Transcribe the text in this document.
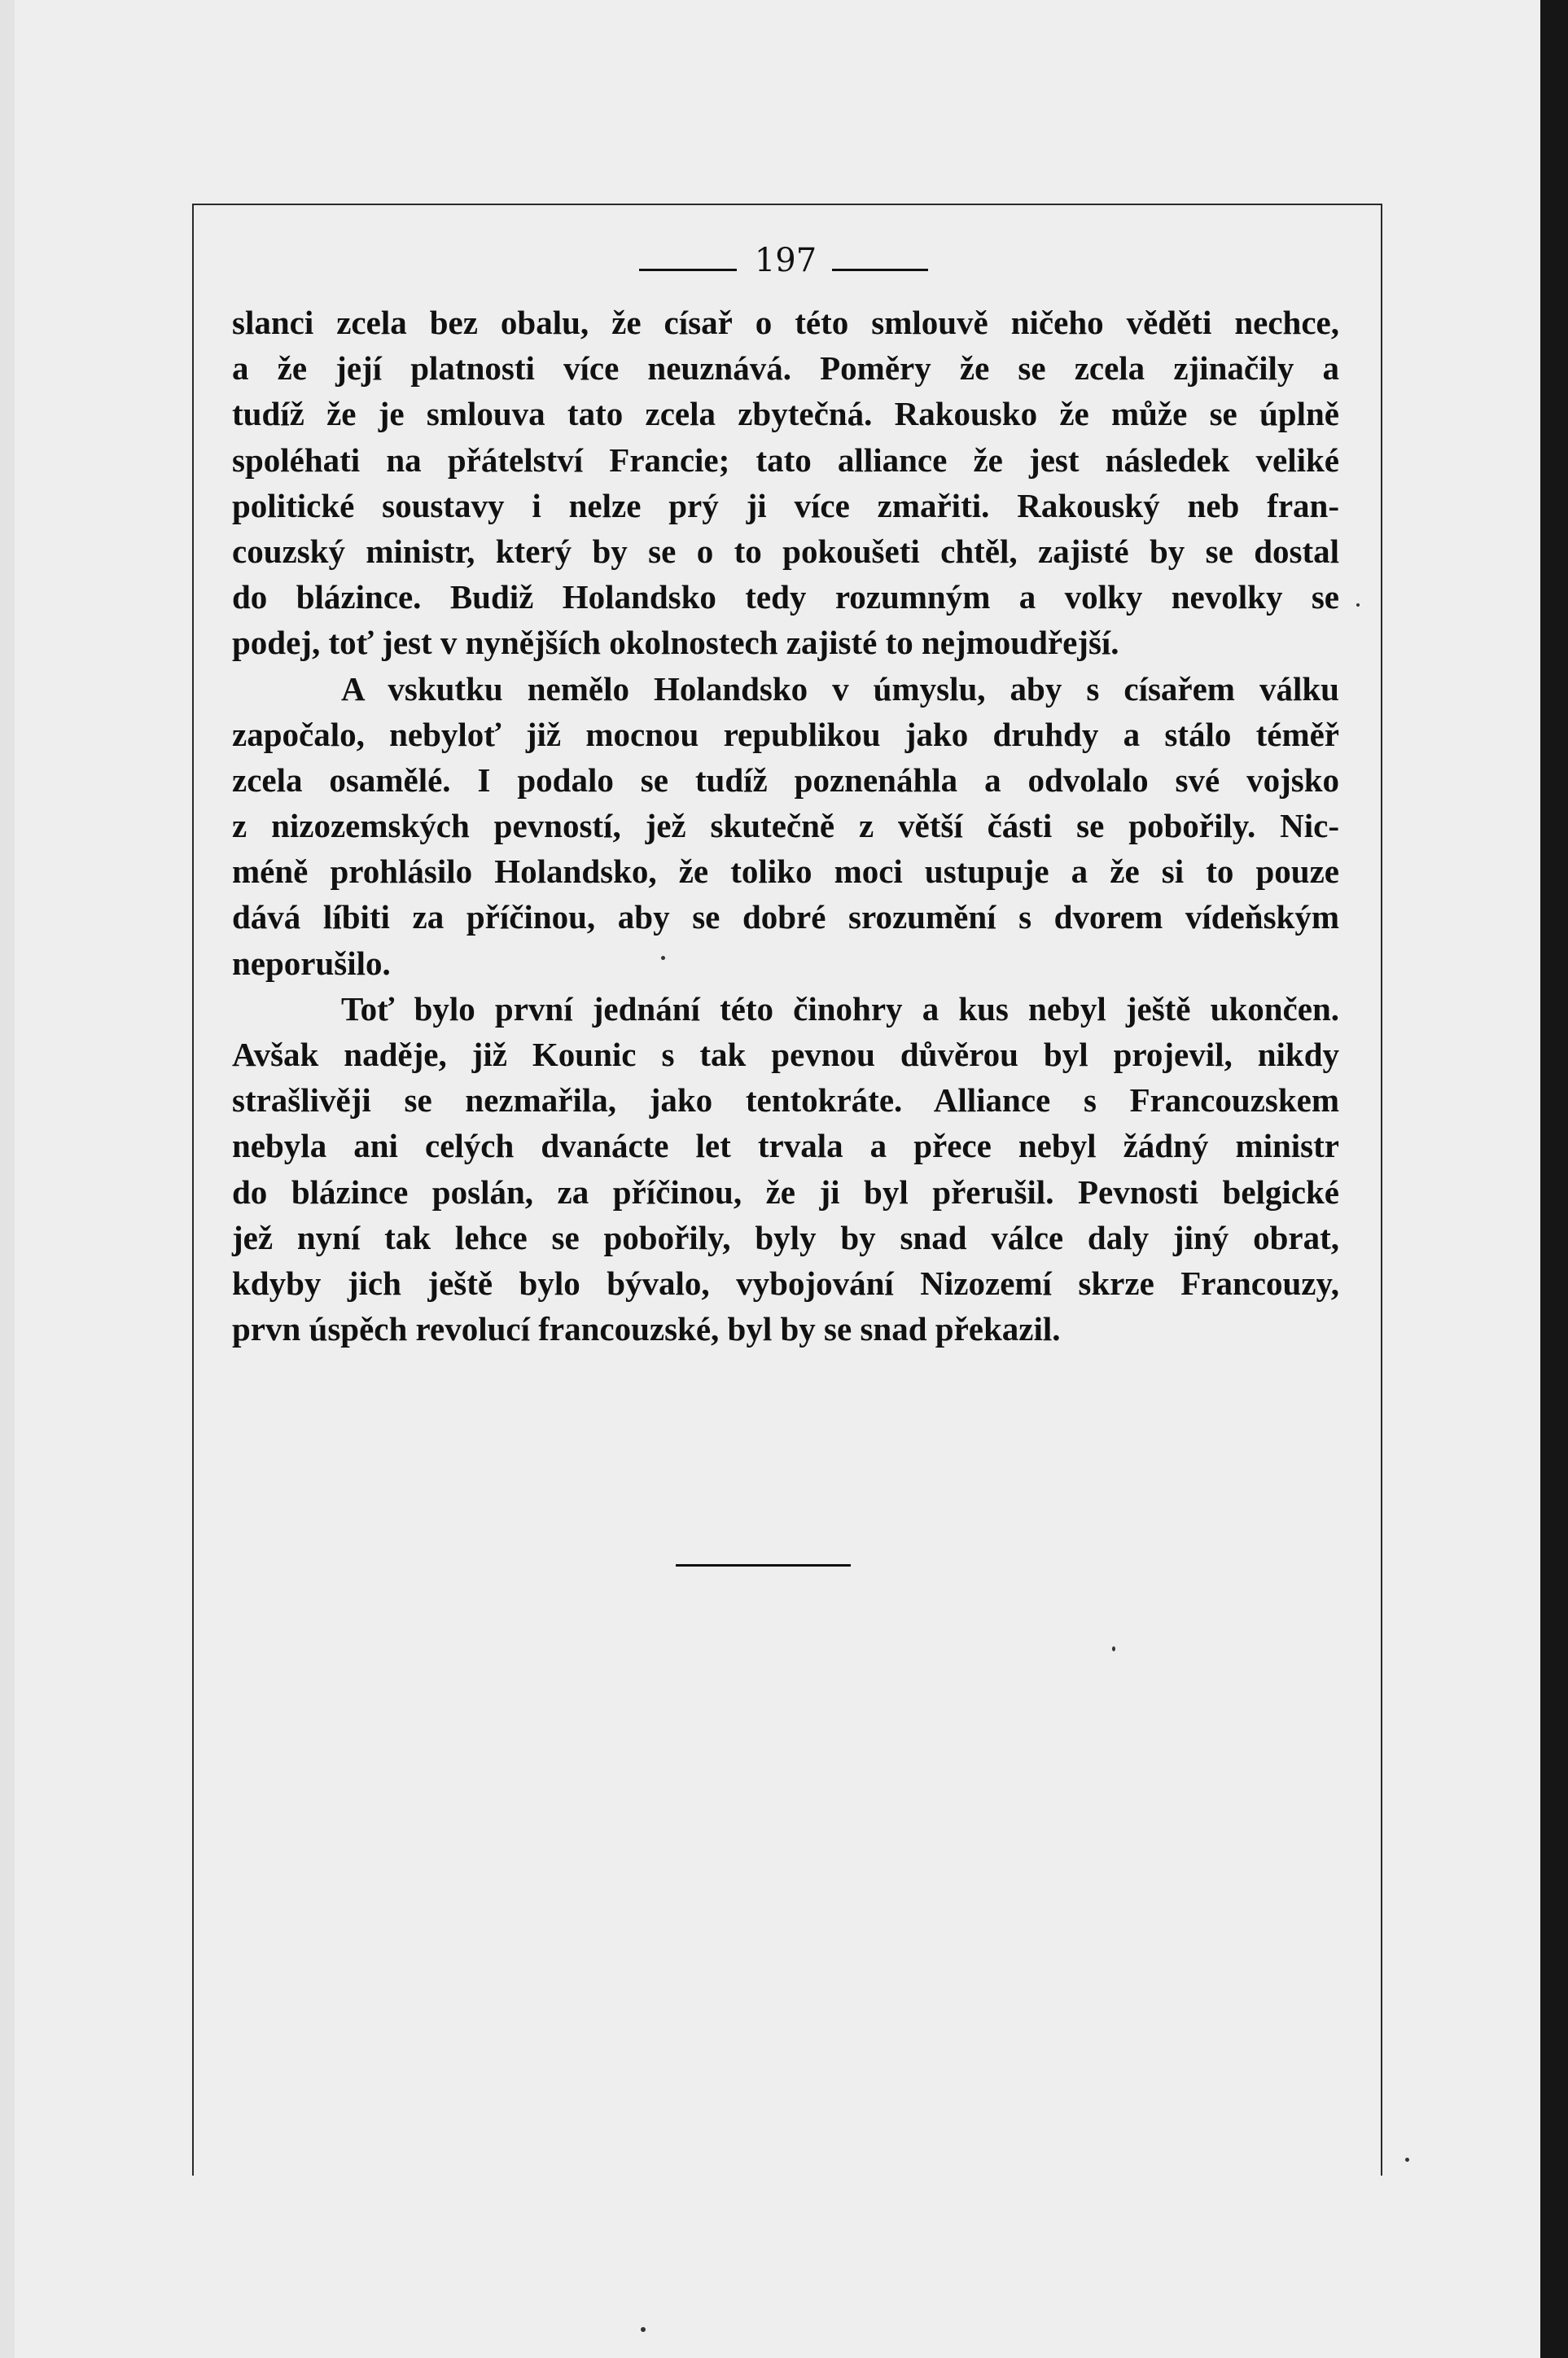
197
slanci zcela bez obalu, že císař o této smlouvě ničeho věděti nechce,
a že její platnosti více neuznává. Poměry že se zcela zjinačily a
tudíž že je smlouva tato zcela zbytečná. Rakousko že může se úplně
spoléhati na přátelství Francie; tato alliance že jest následek veliké
politické soustavy i nelze prý ji více zmařiti. Rakouský neb fran-
couzský ministr, který by se o to pokoušeti chtěl, zajisté by se dostal
do blázince. Budiž Holandsko tedy rozumným a volky nevolky se
podej, toť jest v nynějších okolnostech zajisté to nejmoudřejší.
A vskutku nemělo Holandsko v úmyslu, aby s císařem válku
započalo, nebyloť již mocnou republikou jako druhdy a stálo téměř
zcela osamělé. I podalo se tudíž poznenáhla a odvolalo své vojsko
z nizozemských pevností, jež skutečně z větší části se pobořily. Nic-
méně prohlásilo Holandsko, že toliko moci ustupuje a že si to pouze
dává líbiti za příčinou, aby se dobré srozumění s dvorem vídeňským
neporušilo.
Toť bylo první jednání této činohry a kus nebyl ještě ukončen.
Avšak naděje, již Kounic s tak pevnou důvěrou byl projevil, nikdy
strašlivěji se nezmařila, jako tentokráte. Alliance s Francouzskem
nebyla ani celých dvanácte let trvala a přece nebyl žádný ministr
do blázince poslán, za příčinou, že ji byl přerušil. Pevnosti belgické
jež nyní tak lehce se pobořily, byly by snad válce daly jiný obrat,
kdyby jich ještě bylo bývalo, vybojování Nizozemí skrze Francouzy,
prvn úspěch revolucí francouzské, byl by se snad překazil.
